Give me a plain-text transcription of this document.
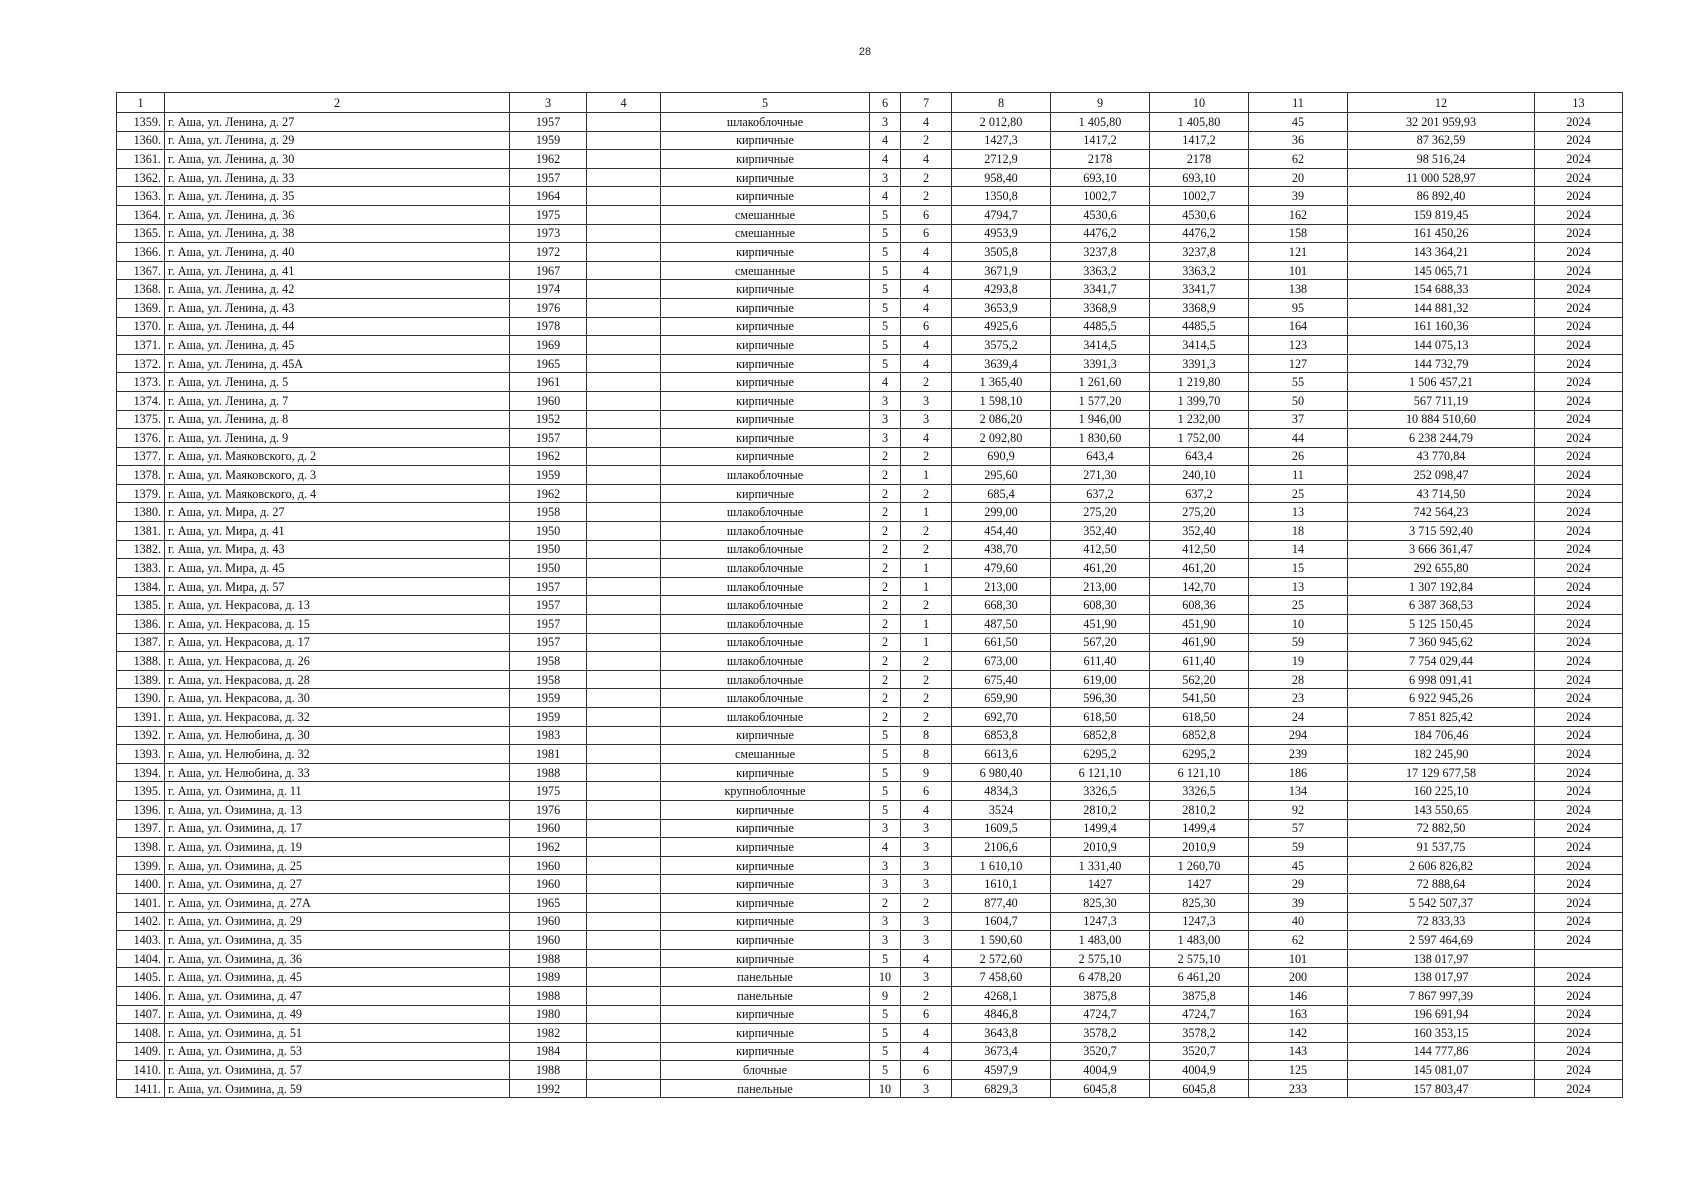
28
1	2	3	4	5	6	7	8	9	10	11	12	13
1359.	г. Аша, ул. Ленина, д. 27	1957		шлакоблочные	3	4	2 012,80	1 405,80	1 405,80	45	32 201 959,93	2024
1360.	г. Аша, ул. Ленина, д. 29	1959		кирпичные	4	2	1427,3	1417,2	1417,2	36	87 362,59	2024
1361.	г. Аша, ул. Ленина, д. 30	1962		кирпичные	4	4	2712,9	2178	2178	62	98 516,24	2024
1362.	г. Аша, ул. Ленина, д. 33	1957		кирпичные	3	2	958,40	693,10	693,10	20	11 000 528,97	2024
1363.	г. Аша, ул. Ленина, д. 35	1964		кирпичные	4	2	1350,8	1002,7	1002,7	39	86 892,40	2024
1364.	г. Аша, ул. Ленина, д. 36	1975		смешанные	5	6	4794,7	4530,6	4530,6	162	159 819,45	2024
1365.	г. Аша, ул. Ленина, д. 38	1973		смешанные	5	6	4953,9	4476,2	4476,2	158	161 450,26	2024
1366.	г. Аша, ул. Ленина, д. 40	1972		кирпичные	5	4	3505,8	3237,8	3237,8	121	143 364,21	2024
1367.	г. Аша, ул. Ленина, д. 41	1967		смешанные	5	4	3671,9	3363,2	3363,2	101	145 065,71	2024
1368.	г. Аша, ул. Ленина, д. 42	1974		кирпичные	5	4	4293,8	3341,7	3341,7	138	154 688,33	2024
1369.	г. Аша, ул. Ленина, д. 43	1976		кирпичные	5	4	3653,9	3368,9	3368,9	95	144 881,32	2024
1370.	г. Аша, ул. Ленина, д. 44	1978		кирпичные	5	6	4925,6	4485,5	4485,5	164	161 160,36	2024
1371.	г. Аша, ул. Ленина, д. 45	1969		кирпичные	5	4	3575,2	3414,5	3414,5	123	144 075,13	2024
1372.	г. Аша, ул. Ленина, д. 45А	1965		кирпичные	5	4	3639,4	3391,3	3391,3	127	144 732,79	2024
1373.	г. Аша, ул. Ленина, д. 5	1961		кирпичные	4	2	1 365,40	1 261,60	1 219,80	55	1 506 457,21	2024
1374.	г. Аша, ул. Ленина, д. 7	1960		кирпичные	3	3	1 598,10	1 577,20	1 399,70	50	567 711,19	2024
1375.	г. Аша, ул. Ленина, д. 8	1952		кирпичные	3	3	2 086,20	1 946,00	1 232,00	37	10 884 510,60	2024
1376.	г. Аша, ул. Ленина, д. 9	1957		кирпичные	3	4	2 092,80	1 830,60	1 752,00	44	6 238 244,79	2024
1377.	г. Аша, ул. Маяковского, д. 2	1962		кирпичные	2	2	690,9	643,4	643,4	26	43 770,84	2024
1378.	г. Аша, ул. Маяковского, д. 3	1959		шлакоблочные	2	1	295,60	271,30	240,10	11	252 098,47	2024
1379.	г. Аша, ул. Маяковского, д. 4	1962		кирпичные	2	2	685,4	637,2	637,2	25	43 714,50	2024
1380.	г. Аша, ул. Мира, д. 27	1958		шлакоблочные	2	1	299,00	275,20	275,20	13	742 564,23	2024
1381.	г. Аша, ул. Мира, д. 41	1950		шлакоблочные	2	2	454,40	352,40	352,40	18	3 715 592,40	2024
1382.	г. Аша, ул. Мира, д. 43	1950		шлакоблочные	2	2	438,70	412,50	412,50	14	3 666 361,47	2024
1383.	г. Аша, ул. Мира, д. 45	1950		шлакоблочные	2	1	479,60	461,20	461,20	15	292 655,80	2024
1384.	г. Аша, ул. Мира, д. 57	1957		шлакоблочные	2	1	213,00	213,00	142,70	13	1 307 192,84	2024
1385.	г. Аша, ул. Некрасова, д. 13	1957		шлакоблочные	2	2	668,30	608,30	608,36	25	6 387 368,53	2024
1386.	г. Аша, ул. Некрасова, д. 15	1957		шлакоблочные	2	1	487,50	451,90	451,90	10	5 125 150,45	2024
1387.	г. Аша, ул. Некрасова, д. 17	1957		шлакоблочные	2	1	661,50	567,20	461,90	59	7 360 945,62	2024
1388.	г. Аша, ул. Некрасова, д. 26	1958		шлакоблочные	2	2	673,00	611,40	611,40	19	7 754 029,44	2024
1389.	г. Аша, ул. Некрасова, д. 28	1958		шлакоблочные	2	2	675,40	619,00	562,20	28	6 998 091,41	2024
1390.	г. Аша, ул. Некрасова, д. 30	1959		шлакоблочные	2	2	659,90	596,30	541,50	23	6 922 945,26	2024
1391.	г. Аша, ул. Некрасова, д. 32	1959		шлакоблочные	2	2	692,70	618,50	618,50	24	7 851 825,42	2024
1392.	г. Аша, ул. Нелюбина, д. 30	1983		кирпичные	5	8	6853,8	6852,8	6852,8	294	184 706,46	2024
1393.	г. Аша, ул. Нелюбина, д. 32	1981		смешанные	5	8	6613,6	6295,2	6295,2	239	182 245,90	2024
1394.	г. Аша, ул. Нелюбина, д. 33	1988		кирпичные	5	9	6 980,40	6 121,10	6 121,10	186	17 129 677,58	2024
1395.	г. Аша, ул. Озимина, д. 11	1975		крупноблочные	5	6	4834,3	3326,5	3326,5	134	160 225,10	2024
1396.	г. Аша, ул. Озимина, д. 13	1976		кирпичные	5	4	3524	2810,2	2810,2	92	143 550,65	2024
1397.	г. Аша, ул. Озимина, д. 17	1960		кирпичные	3	3	1609,5	1499,4	1499,4	57	72 882,50	2024
1398.	г. Аша, ул. Озимина, д. 19	1962		кирпичные	4	3	2106,6	2010,9	2010,9	59	91 537,75	2024
1399.	г. Аша, ул. Озимина, д. 25	1960		кирпичные	3	3	1 610,10	1 331,40	1 260,70	45	2 606 826,82	2024
1400.	г. Аша, ул. Озимина, д. 27	1960		кирпичные	3	3	1610,1	1427	1427	29	72 888,64	2024
1401.	г. Аша, ул. Озимина, д. 27А	1965		кирпичные	2	2	877,40	825,30	825,30	39	5 542 507,37	2024
1402.	г. Аша, ул. Озимина, д. 29	1960		кирпичные	3	3	1604,7	1247,3	1247,3	40	72 833,33	2024
1403.	г. Аша, ул. Озимина, д. 35	1960		кирпичные	3	3	1 590,60	1 483,00	1 483,00	62	2 597 464,69	2024
1404.	г. Аша, ул. Озимина, д. 36	1988		кирпичные	5	4	2 572,60	2 575,10	2 575,10	101	138 017,97	
1405.	г. Аша, ул. Озимина, д. 45	1989		панельные	10	3	7 458,60	6 478,20	6 461,20	200	138 017,97	2024
1406.	г. Аша, ул. Озимина, д. 47	1988		панельные	9	2	4268,1	3875,8	3875,8	146	7 867 997,39	2024
1407.	г. Аша, ул. Озимина, д. 49	1980		кирпичные	5	6	4846,8	4724,7	4724,7	163	196 691,94	2024
1408.	г. Аша, ул. Озимина, д. 51	1982		кирпичные	5	4	3643,8	3578,2	3578,2	142	160 353,15	2024
1409.	г. Аша, ул. Озимина, д. 53	1984		кирпичные	5	4	3673,4	3520,7	3520,7	143	144 777,86	2024
1410.	г. Аша, ул. Озимина, д. 57	1988		блочные	5	6	4597,9	4004,9	4004,9	125	145 081,07	2024
1411.	г. Аша, ул. Озимина, д. 59	1992		панельные	10	3	6829,3	6045,8	6045,8	233	157 803,47	2024
